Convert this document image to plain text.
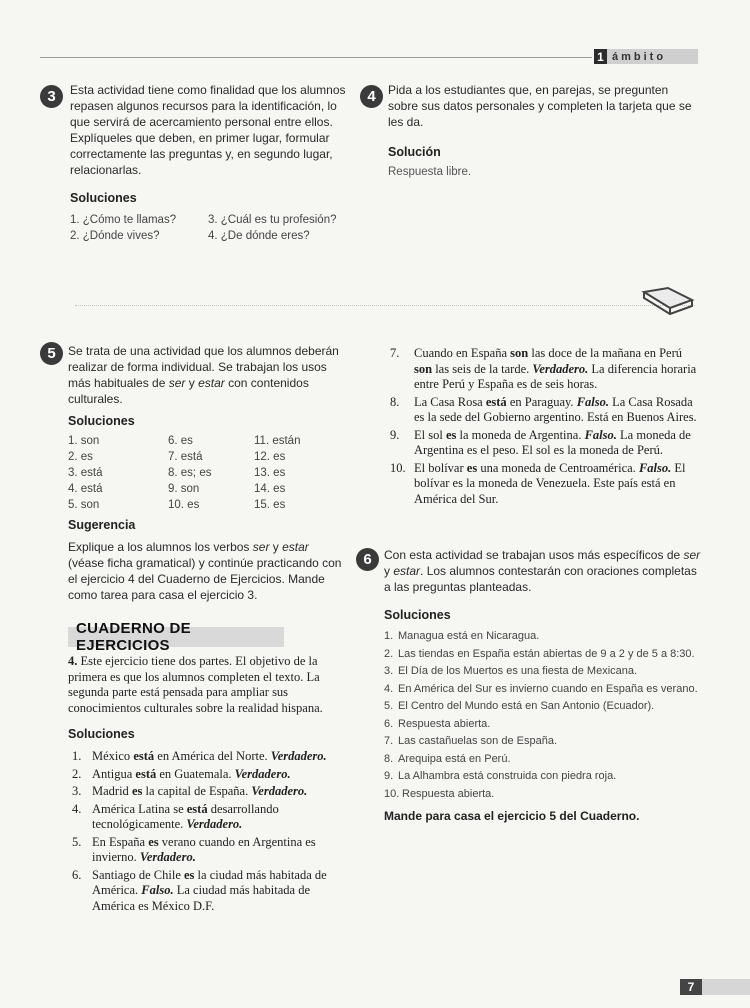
1 ámbito
3	Esta actividad tiene como finalidad que los alumnos repasen algunos recursos para la identificación, lo que servirá de acercamiento personal entre ellos. Explíqueles que deben, en primer lugar, formular correctamente las preguntas y, en segundo lugar, relacionarlas.

Soluciones

1. ¿Cómo te llamas?	3. ¿Cuál es tu profesión?
2. ¿Dónde vives?	4. ¿De dónde eres?
4	Pida a los estudiantes que, en parejas, se pregunten sobre sus datos personales y completen la tarjeta que se les da.

Solución

Respuesta libre.

5	Se trata de una actividad que los alumnos deberán realizar de forma individual. Se trabajan los usos más habituales de ser y estar con contenidos culturales.

Soluciones

1. son	6. es	11. están
2. es	7. está	12. es
3. está	8. es; es	13. es
4. está	9. son	14. es
5. son	10. es	15. es

Sugerencia

Explique a los alumnos los verbos ser y estar (véase ficha gramatical) y continúe practicando con el ejercicio 4 del Cuaderno de Ejercicios. Mande como tarea para casa el ejercicio 3.

CUADERNO DE EJERCICIOS

4. Este ejercicio tiene dos partes. El objetivo de la primera es que los alumnos completen el texto. La segunda parte está pensada para ampliar sus conocimientos culturales sobre la realidad hispana.

Soluciones

1. México está en América del Norte. Verdadero.
2. Antigua está en Guatemala. Verdadero.
3. Madrid es la capital de España. Verdadero.
4. América Latina se está desarrollando tecnológicamente. Verdadero.
5. En España es verano cuando en Argentina es invierno. Verdadero.
6. Santiago de Chile es la ciudad más habitada de América. Falso. La ciudad más habitada de América es México D.F.
7.	Cuando en España son las doce de la mañana en Perú son las seis de la tarde. Verdadero. La diferencia horaria entre Perú y España es de seis horas.
8.	La Casa Rosa está en Paraguay. Falso. La Casa Rosada es la sede del Gobierno argentino. Está en Buenos Aires.
9.	El sol es la moneda de Argentina. Falso. La moneda de Argentina es el peso. El sol es la moneda de Perú.
10. El bolívar es una moneda de Centroamérica. Falso. El bolívar es la moneda de Venezuela. Este país está en América del Sur.
6	Con esta actividad se trabajan usos más específicos de ser y estar. Los alumnos contestarán con oraciones completas a las preguntas planteadas.

Soluciones

1. Managua está en Nicaragua.
2. Las tiendas en España están abiertas de 9 a 2 y de 5 a 8:30.
3. El Día de los Muertos es una fiesta de Mexicana.
4. En América del Sur es invierno cuando en España es verano.
5. El Centro del Mundo está en San Antonio (Ecuador).
6. Respuesta abierta.
7. Las castañuelas son de España.
8. Arequipa está en Perú.
9. La Alhambra está construida con piedra roja.
10. Respuesta abierta.

Mande para casa el ejercicio 5 del Cuaderno.

7
